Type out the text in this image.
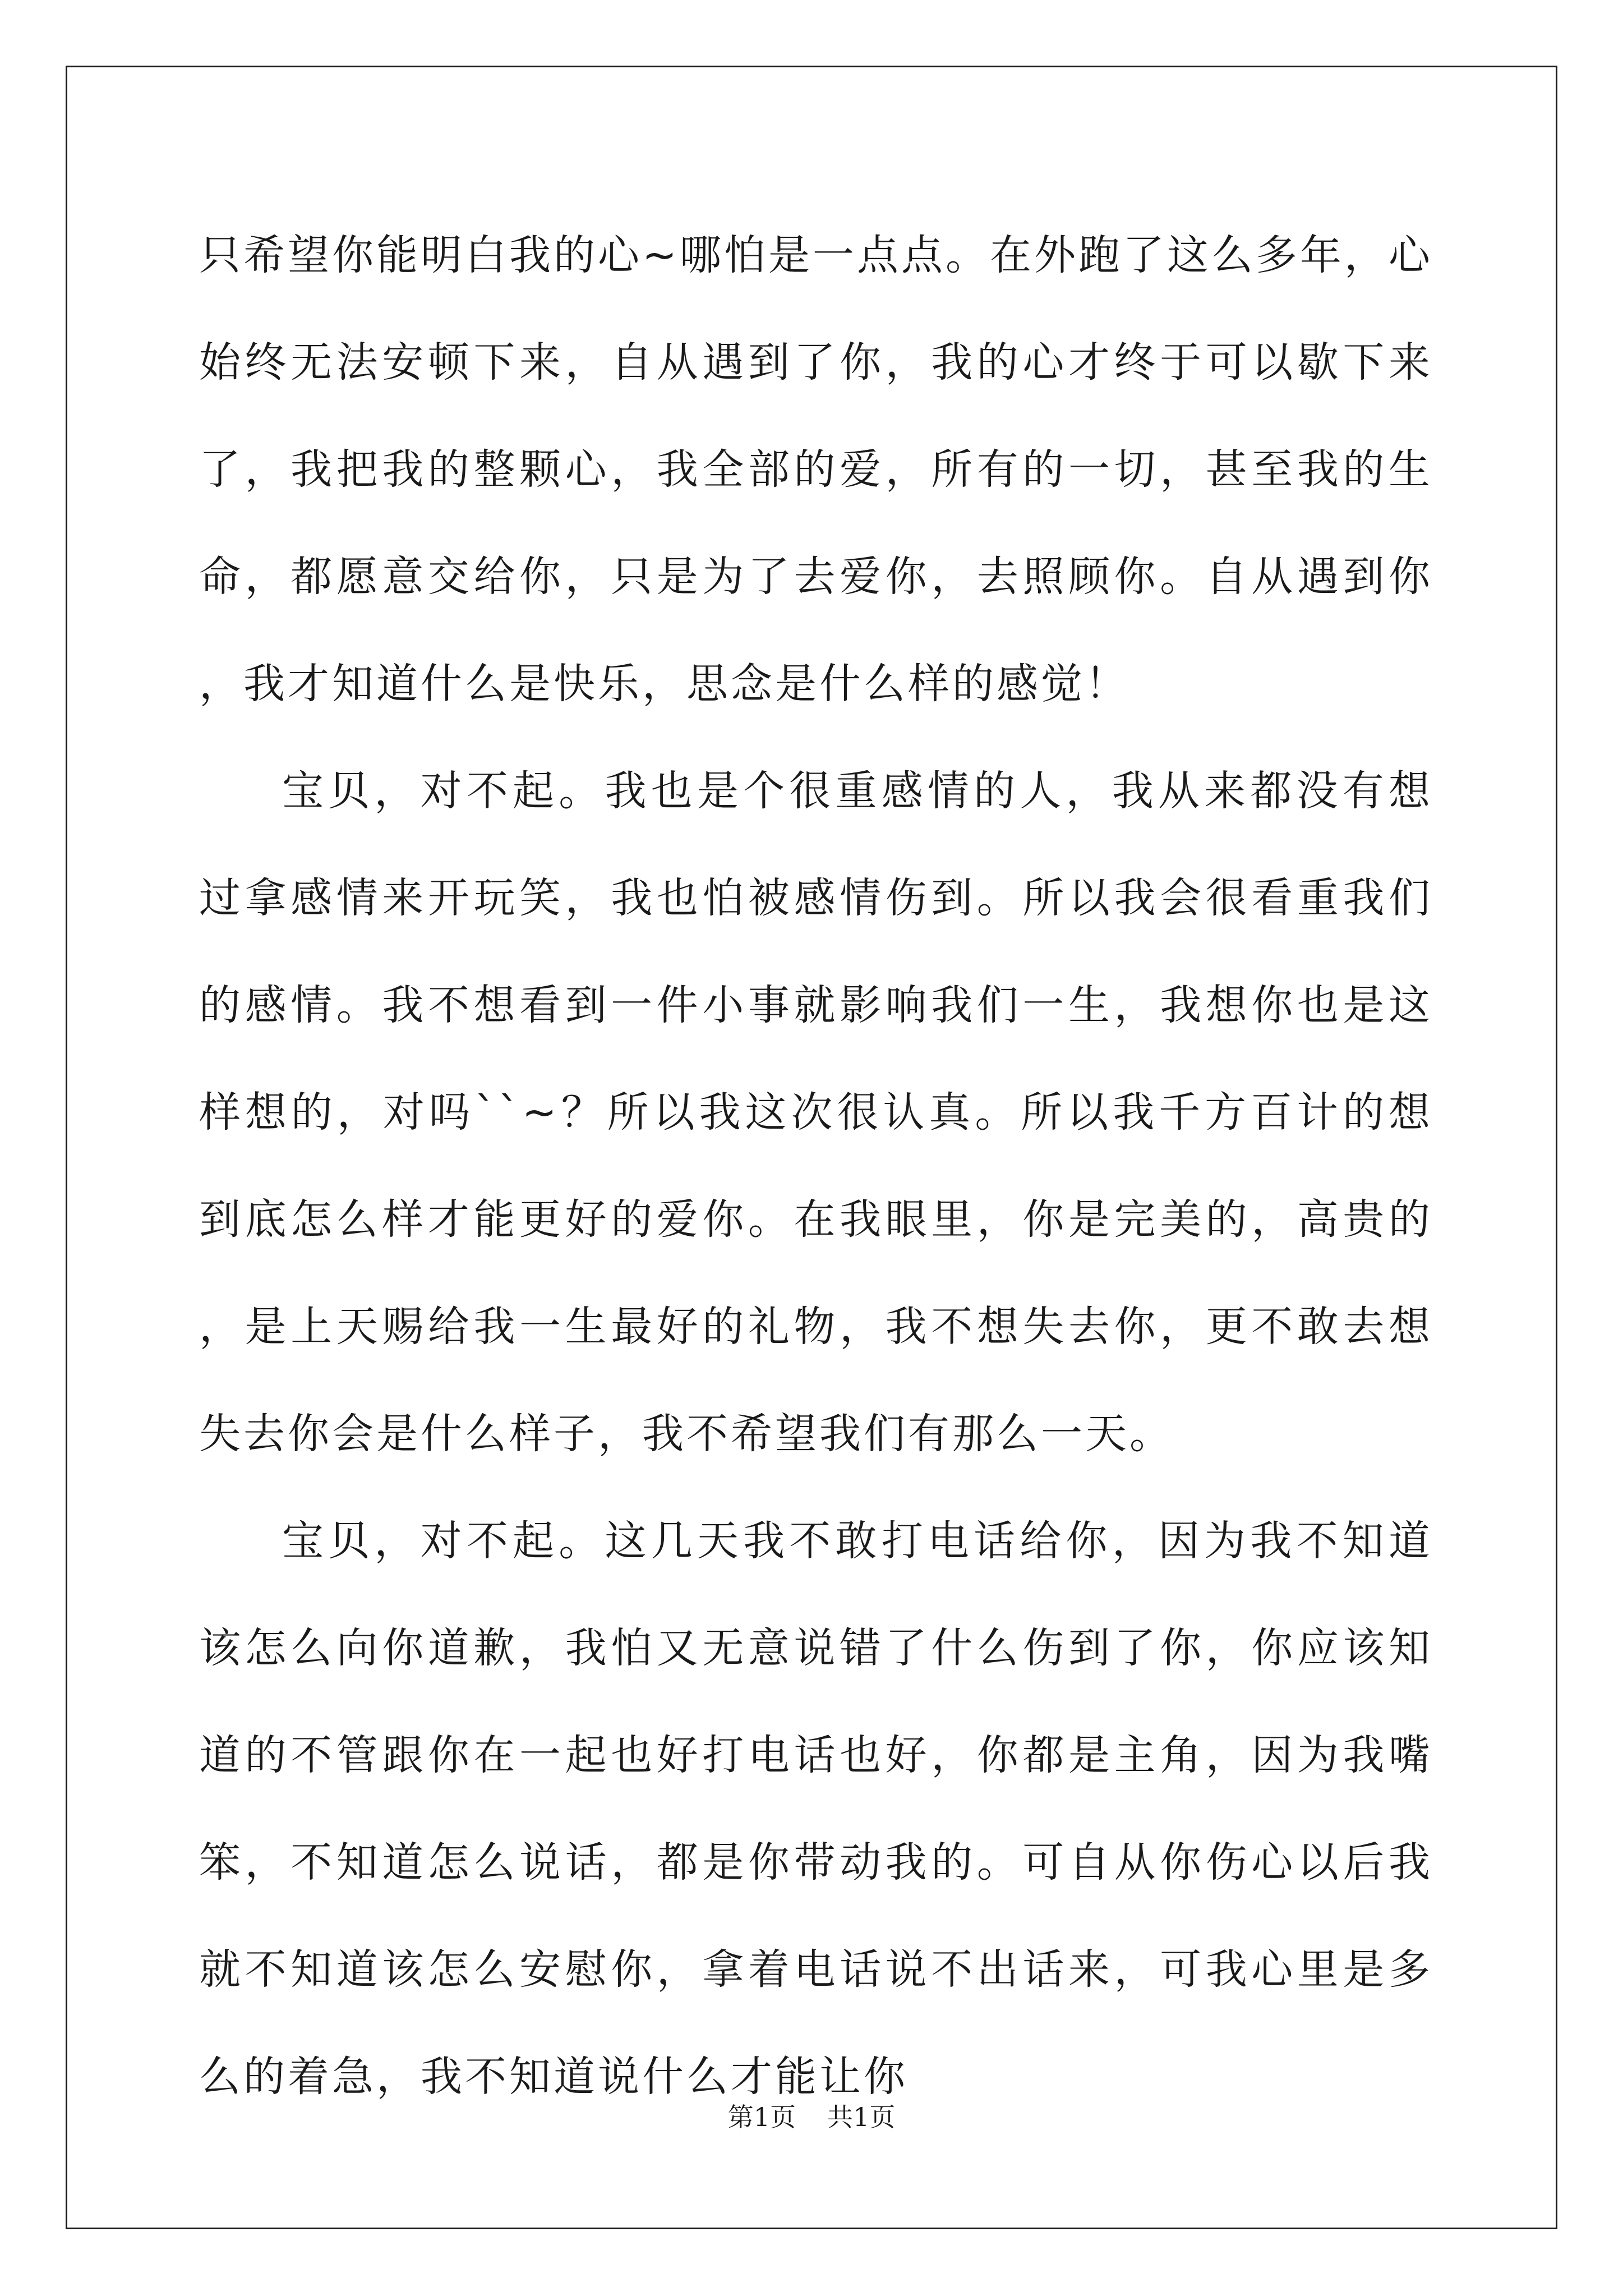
只希望你能明白我的心~哪怕是一点点。在外跑了这么多年，心始终无法安顿下来，自从遇到了你，我的心才终于可以歇下来了，我把我的整颗心，我全部的爱，所有的一切，甚至我的生命，都愿意交给你，只是为了去爱你，去照顾你。自从遇到你，我才知道什么是快乐，思念是什么样的感觉！

宝贝，对不起。我也是个很重感情的人，我从来都没有想过拿感情来开玩笑，我也怕被感情伤到。所以我会很看重我们的感情。我不想看到一件小事就影响我们一生，我想你也是这样想的，对吗``~？所以我这次很认真。所以我千方百计的想到底怎么样才能更好的爱你。在我眼里，你是完美的，高贵的，是上天赐给我一生最好的礼物，我不想失去你，更不敢去想失去你会是什么样子，我不希望我们有那么一天。

宝贝，对不起。这几天我不敢打电话给你，因为我不知道该怎么向你道歉，我怕又无意说错了什么伤到了你，你应该知道的不管跟你在一起也好打电话也好，你都是主角，因为我嘴笨，不知道怎么说话，都是你带动我的。可自从你伤心以后我就不知道该怎么安慰你，拿着电话说不出话来，可我心里是多么的着急，我不知道说什么才能让你

第1页 共1页
